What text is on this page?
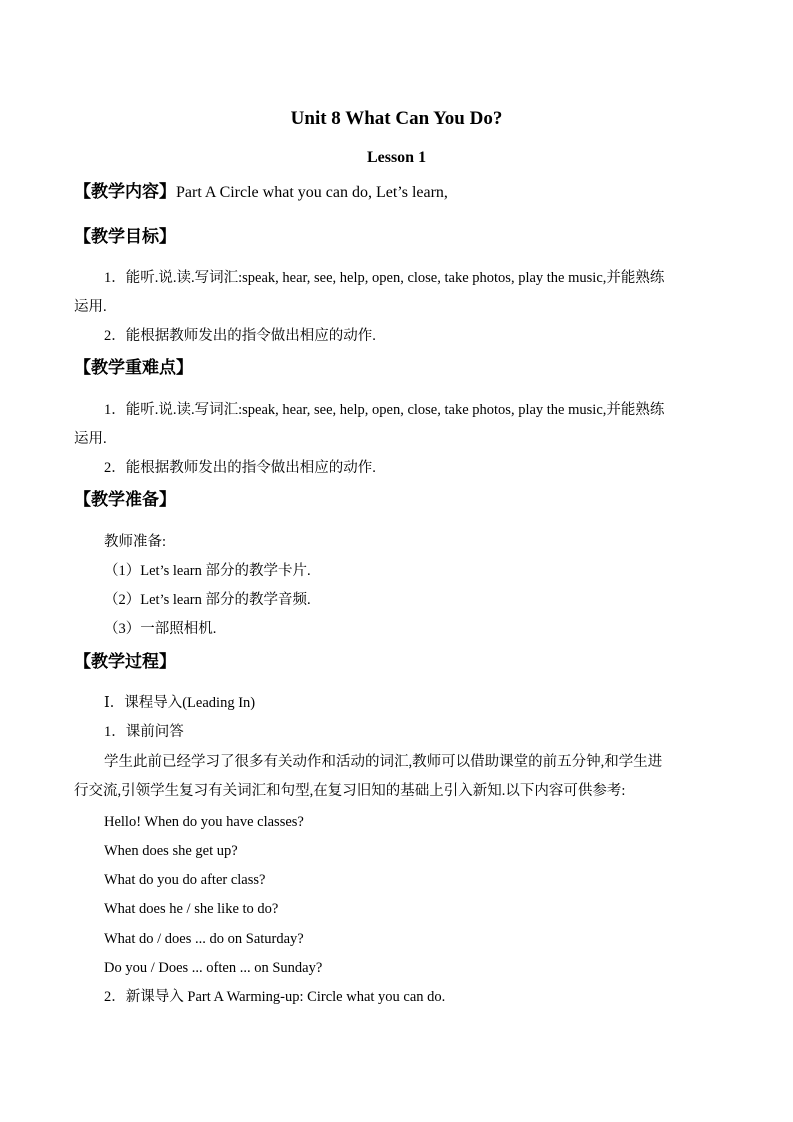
Unit 8 What Can You Do?
Lesson 1
【教学内容】Part A Circle what you can do, Let’s learn,
【教学目标】
1．能听.说.读.写词汇:speak, hear, see, help, open, close, take photos, play the music,并能熟练
运用.
2．能根据教师发出的指令做出相应的动作.
【教学重难点】
1．能听.说.读.写词汇:speak, hear, see, help, open, close, take photos, play the music,并能熟练
运用.
2．能根据教师发出的指令做出相应的动作.
【教学准备】
教师准备:
（1）Let’s learn 部分的教学卡片.
（2）Let’s learn 部分的教学音频.
（3）一部照相机.
【教学过程】
Ⅰ．课程导入(Leading In)
1．课前问答
学生此前已经学习了很多有关动作和活动的词汇,教师可以借助课堂的前五分钟,和学生进
行交流,引领学生复习有关词汇和句型,在复习旧知的基础上引入新知.以下内容可供参考:
Hello! When do you have classes?
When does she get up?
What do you do after class?
What does he / she like to do?
What do / does ... do on Saturday?
Do you / Does ... often ... on Sunday?
2．新课导入 Part A Warming-up: Circle what you can do.
